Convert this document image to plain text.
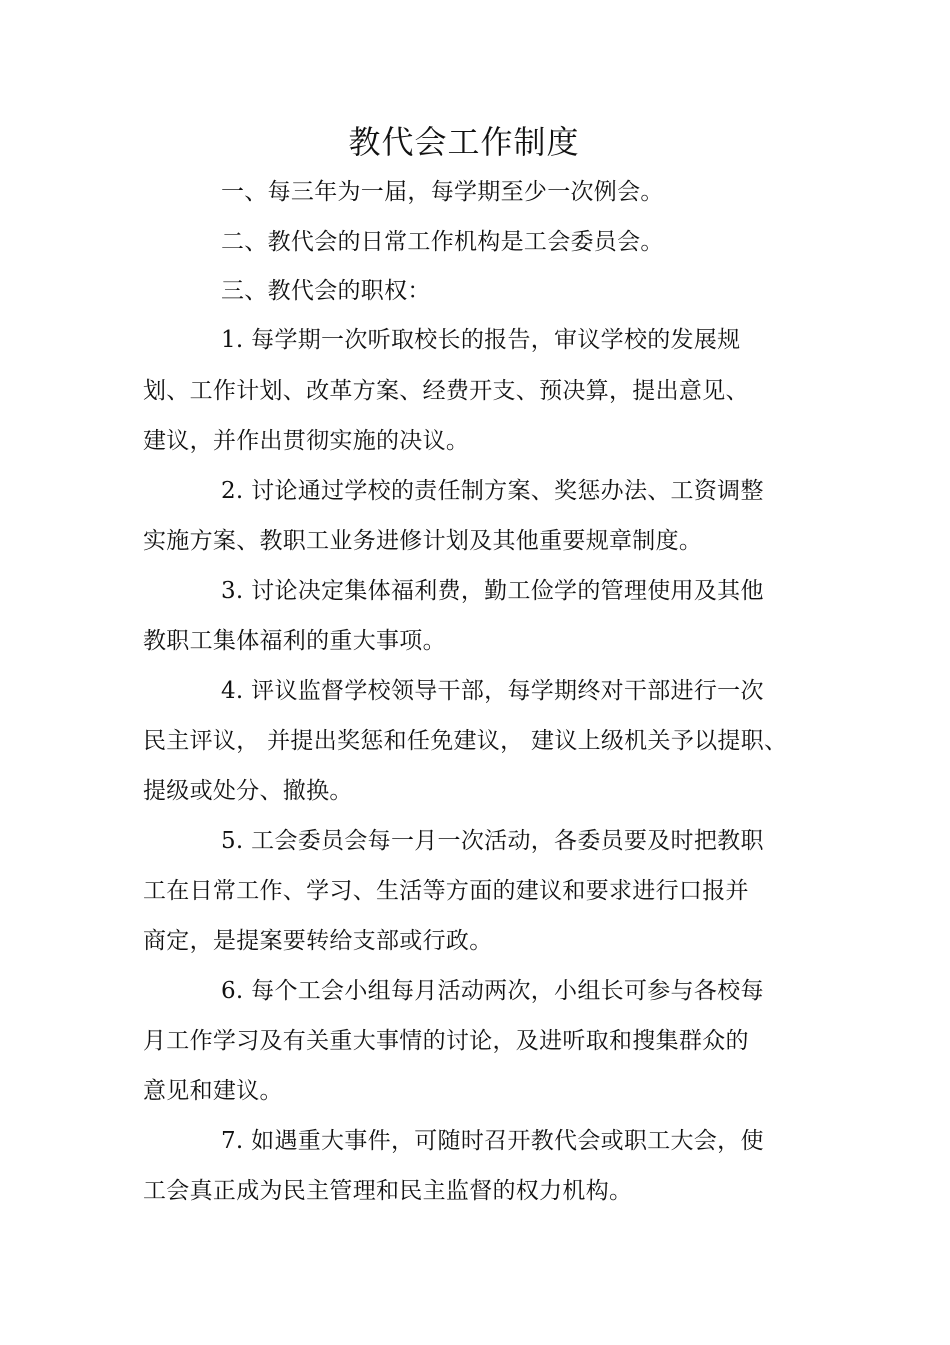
教代会工作制度
一、每三年为一届，每学期至少一次例会。
二、教代会的日常工作机构是工会委员会。
三、教代会的职权：
1. 每学期一次听取校长的报告，审议学校的发展规
划、工作计划、改革方案、经费开支、预决算，提出意见、
建议，并作出贯彻实施的决议。
2. 讨论通过学校的责任制方案、奖惩办法、工资调整
实施方案、教职工业务进修计划及其他重要规章制度。
3. 讨论决定集体福利费，勤工俭学的管理使用及其他
教职工集体福利的重大事项。
4. 评议监督学校领导干部，每学期终对干部进行一次
民主评议， 并提出奖惩和任免建议， 建议上级机关予以提职、
提级或处分、撤换。
5. 工会委员会每一月一次活动，各委员要及时把教职
工在日常工作、学习、生活等方面的建议和要求进行口报并
商定，是提案要转给支部或行政。
6. 每个工会小组每月活动两次，小组长可参与各校每
月工作学习及有关重大事情的讨论，及进听取和搜集群众的
意见和建议。
7. 如遇重大事件，可随时召开教代会或职工大会，使
工会真正成为民主管理和民主监督的权力机构。
